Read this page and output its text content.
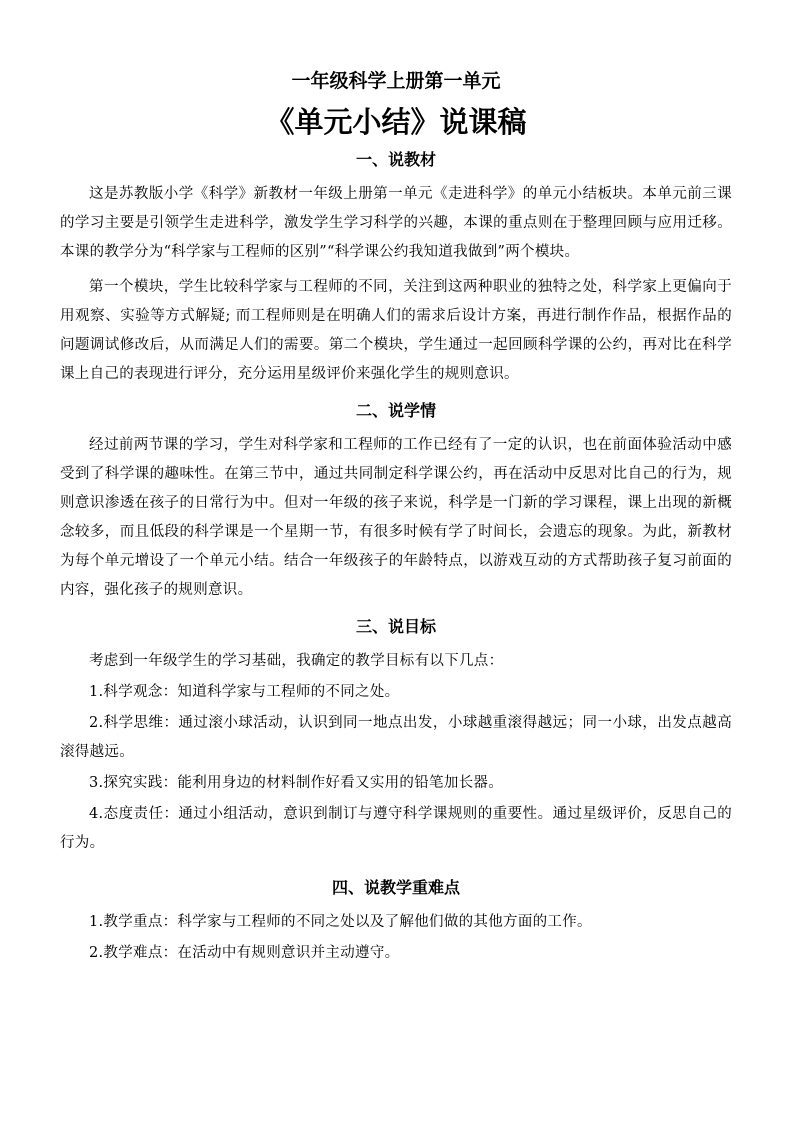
一年级科学上册第一单元
《单元小结》说课稿
一、说教材

这是苏教版小学《科学》新教材一年级上册第一单元《走进科学》的单元小结板块。本单元前三课的学习主要是引领学生走进科学，激发学生学习科学的兴趣，本课的重点则在于整理回顾与应用迁移。本课的教学分为“科学家与工程师的区别”“科学课公约我知道我做到”两个模块。

第一个模块，学生比较科学家与工程师的不同，关注到这两种职业的独特之处，科学家上更偏向于用观察、实验等方式解疑; 而工程师则是在明确人们的需求后设计方案，再进行制作作品，根据作品的问题调试修改后，从而满足人们的需要。第二个模块，学生通过一起回顾科学课的公约，再对比在科学课上自己的表现进行评分，充分运用星级评价来强化学生的规则意识。

二、说学情

经过前两节课的学习，学生对科学家和工程师的工作已经有了一定的认识，也在前面体验活动中感受到了科学课的趣味性。在第三节中，通过共同制定科学课公约，再在活动中反思对比自己的行为，规则意识渗透在孩子的日常行为中。但对一年级的孩子来说，科学是一门新的学习课程，课上出现的新概念较多，而且低段的科学课是一个星期一节，有很多时候有学了时间长，会遗忘的现象。为此，新教材为每个单元增设了一个单元小结。结合一年级孩子的年龄特点，以游戏互动的方式帮助孩子复习前面的内容，强化孩子的规则意识。

三、说目标

考虑到一年级学生的学习基础，我确定的教学目标有以下几点：

1.科学观念：知道科学家与工程师的不同之处。

2.科学思维：通过滚小球活动，认识到同一地点出发，小球越重滚得越远；同一小球，出发点越高滚得越远。

3.探究实践：能利用身边的材料制作好看又实用的铅笔加长器。

4.态度责任：通过小组活动，意识到制订与遵守科学课规则的重要性。通过星级评价，反思自己的行为。

四、说教学重难点

1.教学重点：科学家与工程师的不同之处以及了解他们做的其他方面的工作。

2.教学难点：在活动中有规则意识并主动遵守。
